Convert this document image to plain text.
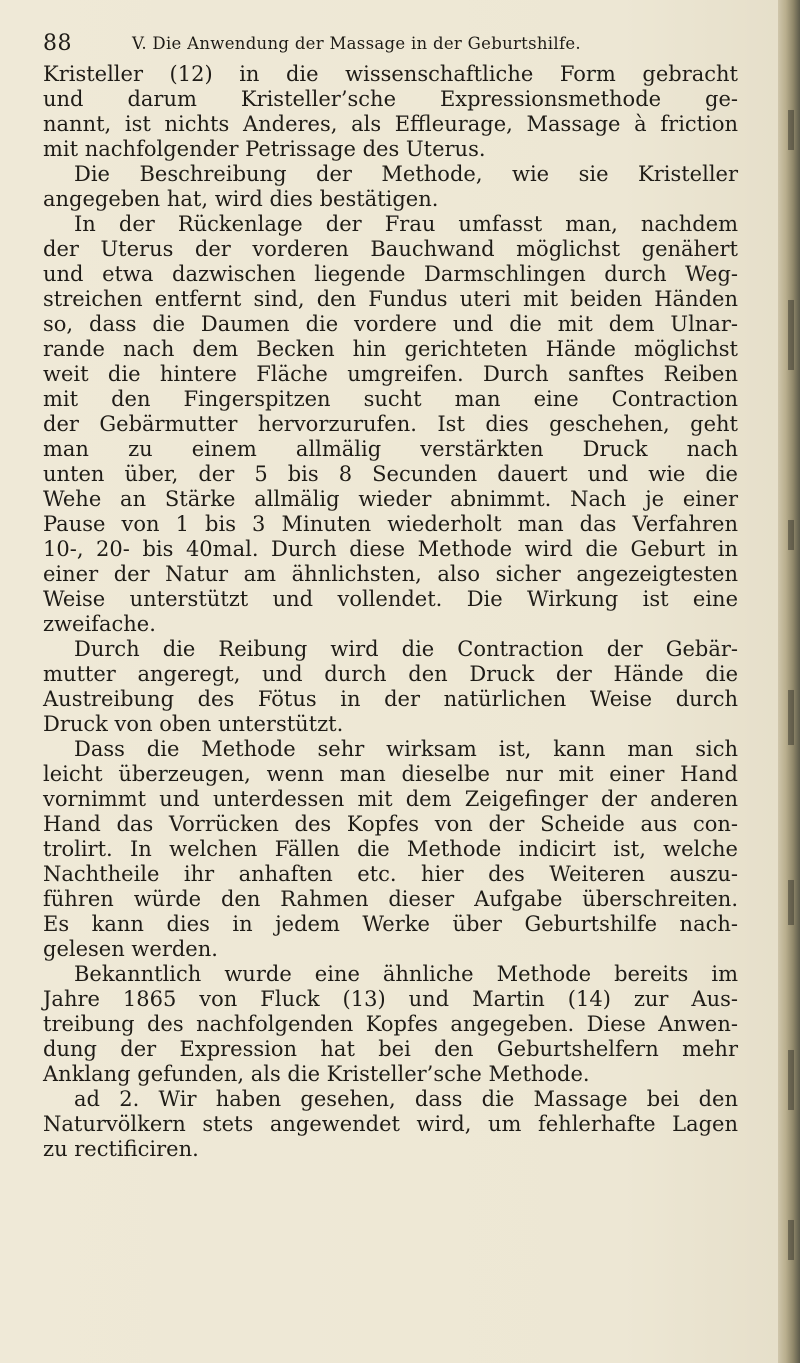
88	V. Die Anwendung der Massage in der Geburtshilfe.
Kristeller (12) in die wissenschaftliche Form gebracht
und darum Kristeller’sche Expressionsmethode ge-
nannt, ist nichts Anderes, als Effleurage, Massage à friction
mit nachfolgender Petrissage des Uterus.
Die Beschreibung der Methode, wie sie Kristeller
angegeben hat, wird dies bestätigen.
In der Rückenlage der Frau umfasst man, nachdem
der Uterus der vorderen Bauchwand möglichst genähert
und etwa dazwischen liegende Darmschlingen durch Weg-
streichen entfernt sind, den Fundus uteri mit beiden Händen
so, dass die Daumen die vordere und die mit dem Ulnar-
rande nach dem Becken hin gerichteten Hände möglichst
weit die hintere Fläche umgreifen. Durch sanftes Reiben
mit den Fingerspitzen sucht man eine Contraction
der Gebärmutter hervorzurufen. Ist dies geschehen, geht
man zu einem allmälig verstärkten Druck nach
unten über, der 5 bis 8 Secunden dauert und wie die
Wehe an Stärke allmälig wieder abnimmt. Nach je einer
Pause von 1 bis 3 Minuten wiederholt man das Verfahren
10-, 20- bis 40mal. Durch diese Methode wird die Geburt in
einer der Natur am ähnlichsten, also sicher angezeigtesten
Weise unterstützt und vollendet. Die Wirkung ist eine
zweifache.
Durch die Reibung wird die Contraction der Gebär-
mutter angeregt, und durch den Druck der Hände die
Austreibung des Fötus in der natürlichen Weise durch
Druck von oben unterstützt.
Dass die Methode sehr wirksam ist, kann man sich
leicht überzeugen, wenn man dieselbe nur mit einer Hand
vornimmt und unterdessen mit dem Zeigefinger der anderen
Hand das Vorrücken des Kopfes von der Scheide aus con-
trolirt. In welchen Fällen die Methode indicirt ist, welche
Nachtheile ihr anhaften etc. hier des Weiteren auszu-
führen würde den Rahmen dieser Aufgabe überschreiten.
Es kann dies in jedem Werke über Geburtshilfe nach-
gelesen werden.
Bekanntlich wurde eine ähnliche Methode bereits im
Jahre 1865 von Fluck (13) und Martin (14) zur Aus-
treibung des nachfolgenden Kopfes angegeben. Diese Anwen-
dung der Expression hat bei den Geburtshelfern mehr
Anklang gefunden, als die Kristeller’sche Methode.
ad 2. Wir haben gesehen, dass die Massage bei den
Naturvölkern stets angewendet wird, um fehlerhafte Lagen
zu rectificiren.
